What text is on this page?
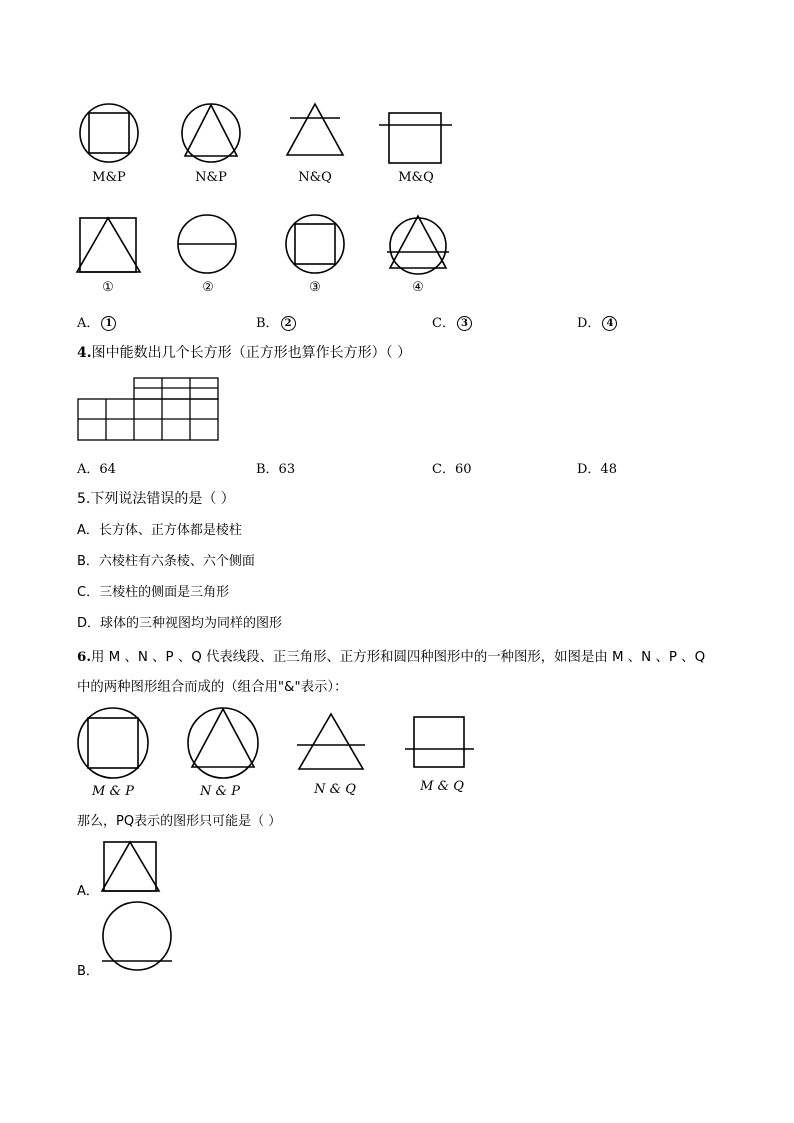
M&P	N&P	N&Q	M&Q
①	②	③	④
A． 1	B． 2	C． 3	D． 4
4.图中能数出几个长方形（正方形也算作长方形）（ ）
A．64	B．63	C．60	D．48
5.下列说法错误的是（ ）
A．长方体、正方体都是棱柱
B．六棱柱有六条棱、六个侧面
C．三棱柱的侧面是三角形
D．球体的三种视图均为同样的图形
6.用 M 、N 、P 、Q 代表线段、正三角形、正方形和圆四种图形中的一种图形，如图是由 M 、N 、P 、Q
中的两种图形组合而成的（组合用"&"表示）：
M & P	N & P	N & Q	M & Q
那么，PQ表示的图形只可能是（ ）
A．
B．
